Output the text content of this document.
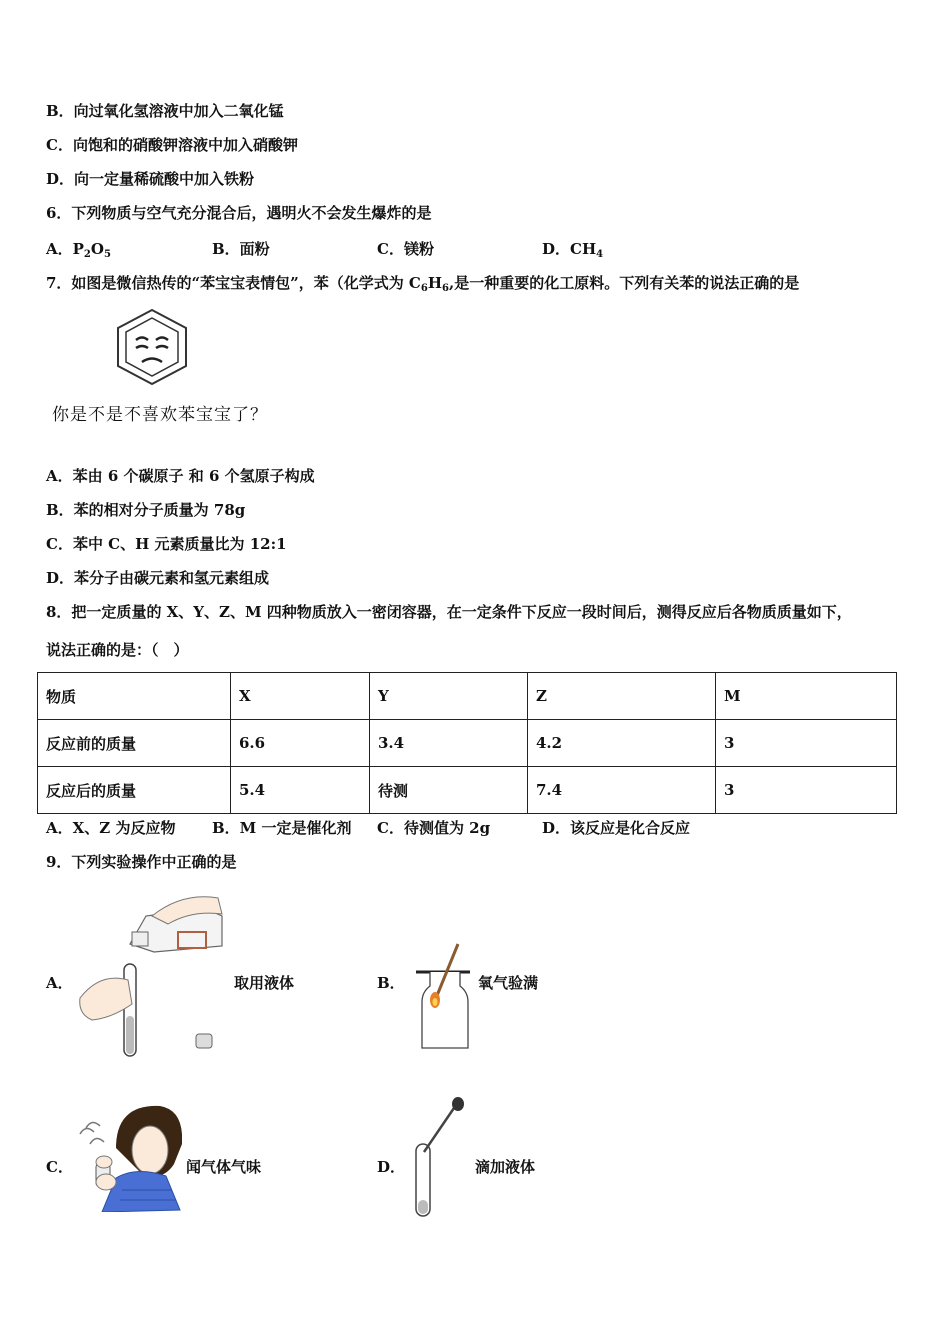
B．向过氧化氢溶液中加入二氧化锰
C．向饱和的硝酸钾溶液中加入硝酸钾
D．向一定量稀硫酸中加入铁粉
6．下列物质与空气充分混合后，遇明火不会发生爆炸的是
A．$P_2O_5$	B．面粉	C．镁粉	D．$CH_4$
7．如图是微信热传的“苯宝宝表情包”，苯（化学式为 $C_6H_6$,是一种重要的化工原料。下列有关苯的说法正确的是
你是不是不喜欢苯宝宝了？
A．苯由 6 个碳原子 和 6 个氢原子构成
B．苯的相对分子质量为 78g
C．苯中 C、H 元素质量比为 12:1
D．苯分子由碳元素和氢元素组成
8．把一定质量的 X、Y、Z、M 四种物质放入一密闭容器，在一定条件下反应一段时间后，测得反应后各物质质量如下，
说法正确的是：（　）
物质	X	Y	Z	M
反应前的质量	6.6	3.4	4.2	3
反应后的质量	5.4	待测	7.4	3
A．X、Z 为反应物 B．M 一定是催化剂 C．待测值为 2g	D．该反应是化合反应
9．下列实验操作中正确的是
A．	取用液体	B．	氧气验满
C．	闻气体气味	D．	滴加液体
